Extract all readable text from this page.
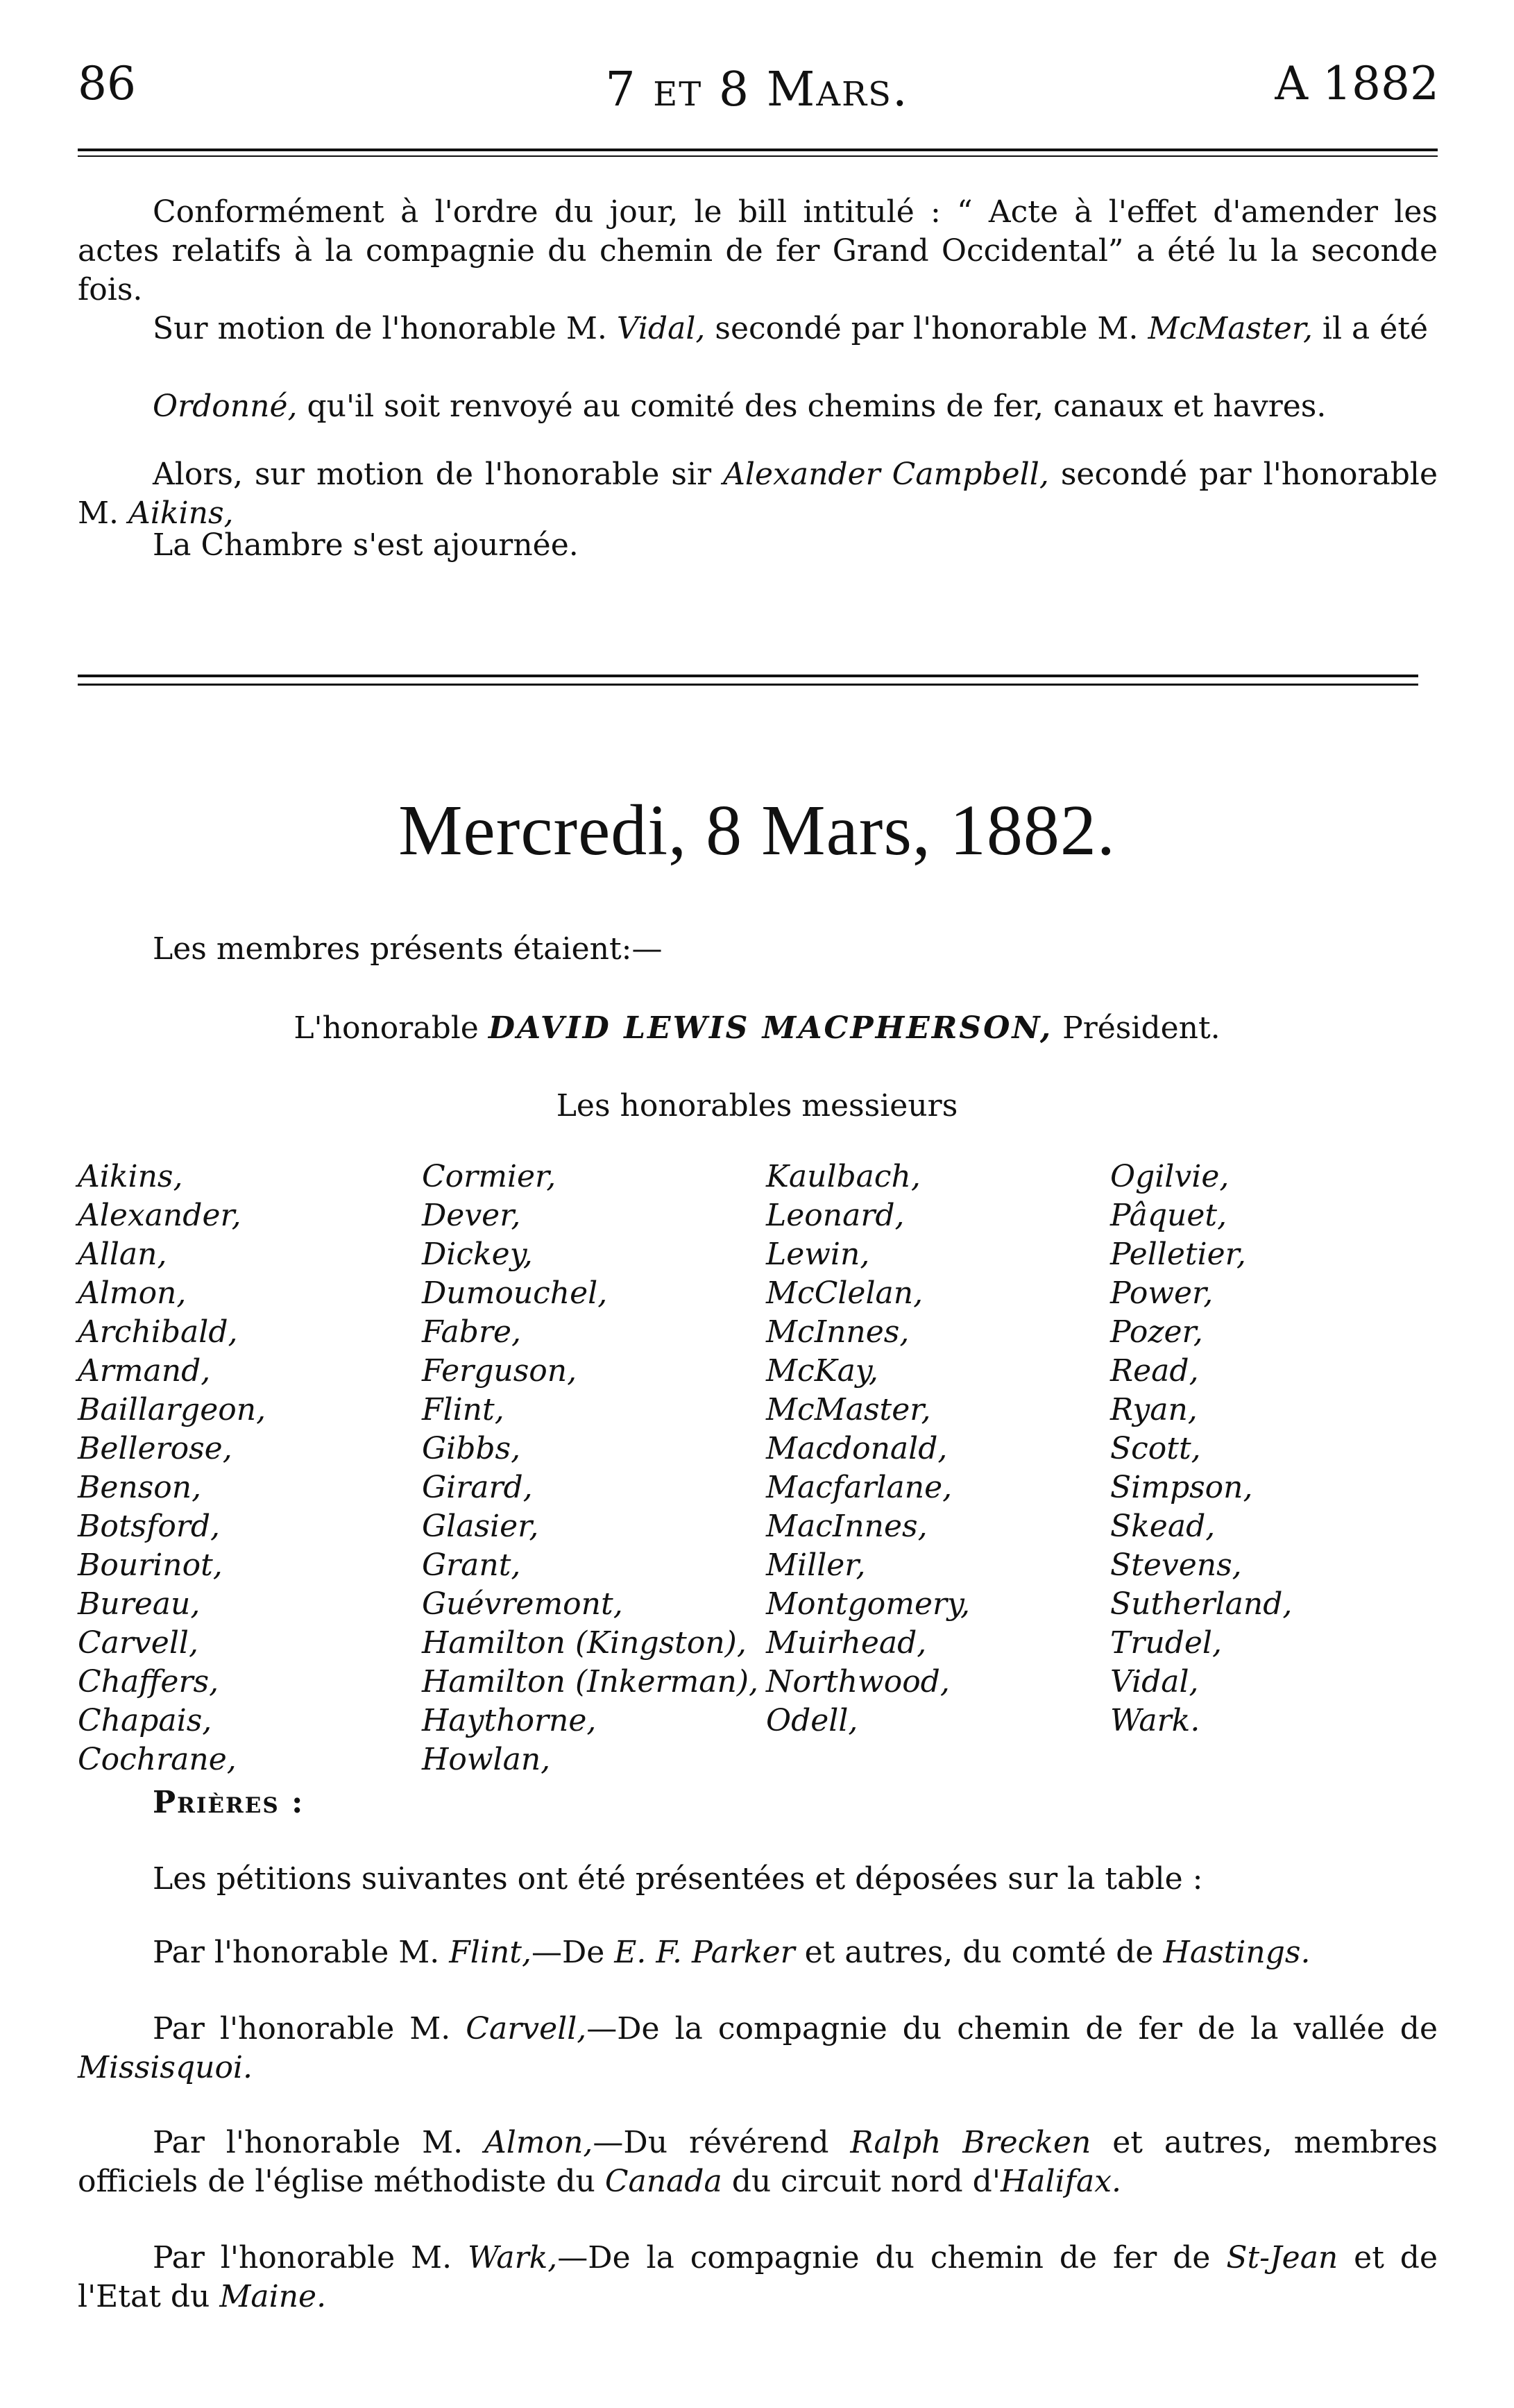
86	7 et 8 Mars.	A 1882
Conformément à l'ordre du jour, le bill intitulé : “ Acte à l'effet d'amender les actes relatifs à la compagnie du chemin de fer Grand Occidental” a été lu la seconde fois.
Sur motion de l'honorable M. Vidal, secondé par l'honorable M. McMaster, il a été
Ordonné, qu'il soit renvoyé au comité des chemins de fer, canaux et havres.
Alors, sur motion de l'honorable sir Alexander Campbell, secondé par l'honorable M. Aikins,
La Chambre s'est ajournée.
Mercredi, 8 Mars, 1882.
Les membres présents étaient:—
L'honorable DAVID LEWIS MACPHERSON, Président.
Les honorables messieurs
Aikins,
Alexander,
Allan,
Almon,
Archibald,
Armand,
Baillargeon,
Bellerose,
Benson,
Botsford,
Bourinot,
Bureau,
Carvell,
Chaffers,
Chapais,
Cochrane,
Cormier,
Dever,
Dickey,
Dumouchel,
Fabre,
Ferguson,
Flint,
Gibbs,
Girard,
Glasier,
Grant,
Guévremont,
Hamilton (Kingston),
Hamilton (Inkerman),
Haythorne,
Howlan,
Kaulbach,
Leonard,
Lewin,
McClelan,
McInnes,
McKay,
McMaster,
Macdonald,
Macfarlane,
MacInnes,
Miller,
Montgomery,
Muirhead,
Northwood,
Odell,
Ogilvie,
Pâquet,
Pelletier,
Power,
Pozer,
Read,
Ryan,
Scott,
Simpson,
Skead,
Stevens,
Sutherland,
Trudel,
Vidal,
Wark.
Prières :
Les pétitions suivantes ont été présentées et déposées sur la table :
Par l'honorable M. Flint,—De E. F. Parker et autres, du comté de Hastings.
Par l'honorable M. Carvell,—De la compagnie du chemin de fer de la vallée de Missisquoi.
Par l'honorable M. Almon,—Du révérend Ralph Brecken et autres, membres officiels de l'église méthodiste du Canada du circuit nord d'Halifax.
Par l'honorable M. Wark,—De la compagnie du chemin de fer de St-Jean et de l'Etat du Maine.
